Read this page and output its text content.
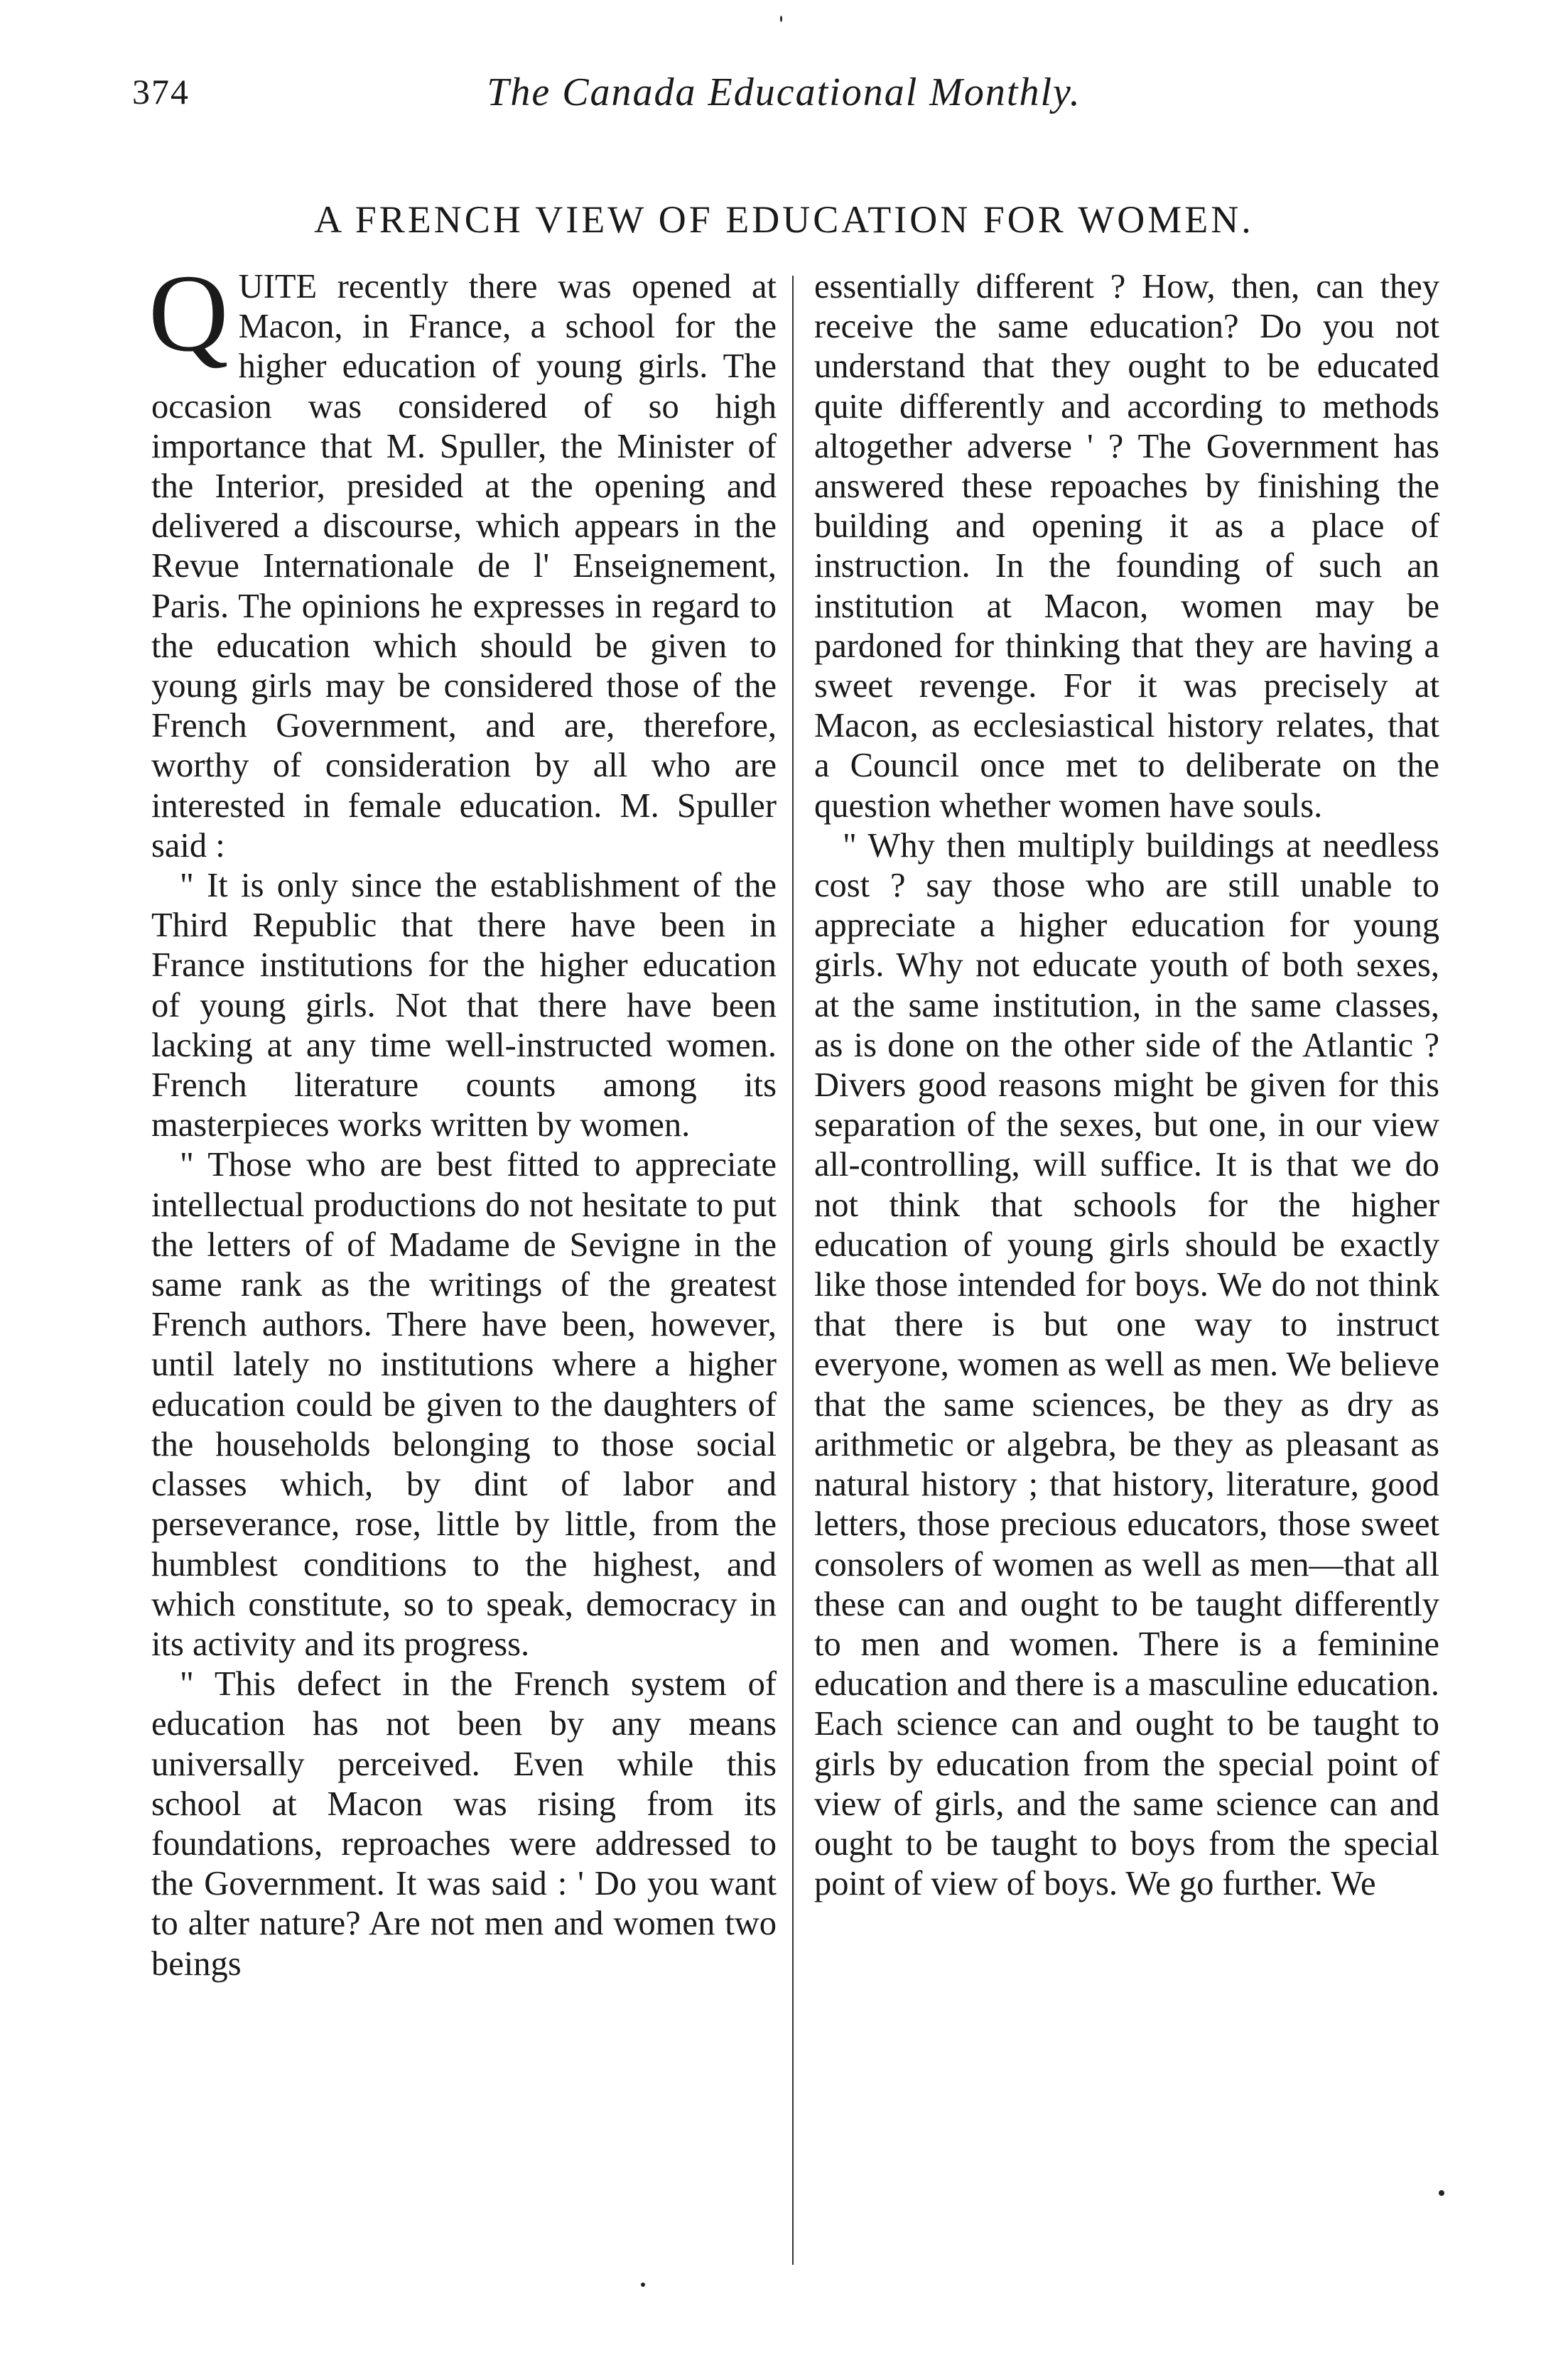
374	The Canada Educational Monthly.
A FRENCH VIEW OF EDUCATION FOR WOMEN.

QUITE recently there was opened at Macon, in France, a school for the higher education of young girls. The occasion was considered of so high importance that M. Spuller, the Minister of the Interior, presided at the opening and delivered a discourse, which appears in the Revue Internationale de l' Enseignement, Paris. The opinions he expresses in regard to the education which should be given to young girls may be considered those of the French Government, and are, therefore, worthy of consideration by all who are interested in female education. M. Spuller said :

" It is only since the establishment of the Third Republic that there have been in France institutions for the higher education of young girls. Not that there have been lacking at any time well-instructed women. French literature counts among its masterpieces works written by women.

" Those who are best fitted to appreciate intellectual productions do not hesitate to put the letters of of Madame de Sevigne in the same rank as the writings of the greatest French authors. There have been, however, until lately no institutions where a higher education could be given to the daughters of the households belonging to those social classes which, by dint of labor and perseverance, rose, little by little, from the humblest conditions to the highest, and which constitute, so to speak, democracy in its activity and its progress.

" This defect in the French system of education has not been by any means universally perceived. Even while this school at Macon was rising from its foundations, reproaches were addressed to the Government. It was said : ' Do you want to alter nature? Are not men and women two beings

essentially different ? How, then, can they receive the same education? Do you not understand that they ought to be educated quite differently and according to methods altogether adverse ' ? The Government has answered these repoaches by finishing the building and opening it as a place of instruction. In the founding of such an institution at Macon, women may be pardoned for thinking that they are having a sweet revenge. For it was precisely at Macon, as ecclesiastical history relates, that a Council once met to deliberate on the question whether women have souls.

" Why then multiply buildings at needless cost ? say those who are still unable to appreciate a higher education for young girls. Why not educate youth of both sexes, at the same institution, in the same classes, as is done on the other side of the Atlantic ? Divers good reasons might be given for this separation of the sexes, but one, in our view all-controlling, will suffice. It is that we do not think that schools for the higher education of young girls should be exactly like those intended for boys. We do not think that there is but one way to instruct everyone, women as well as men. We believe that the same sciences, be they as dry as arithmetic or algebra, be they as pleasant as natural history ; that history, literature, good letters, those precious educators, those sweet consolers of women as well as men—that all these can and ought to be taught differently to men and women. There is a feminine education and there is a masculine education. Each science can and ought to be taught to girls by education from the special point of view of girls, and the same science can and ought to be taught to boys from the special point of view of boys. We go further. We
